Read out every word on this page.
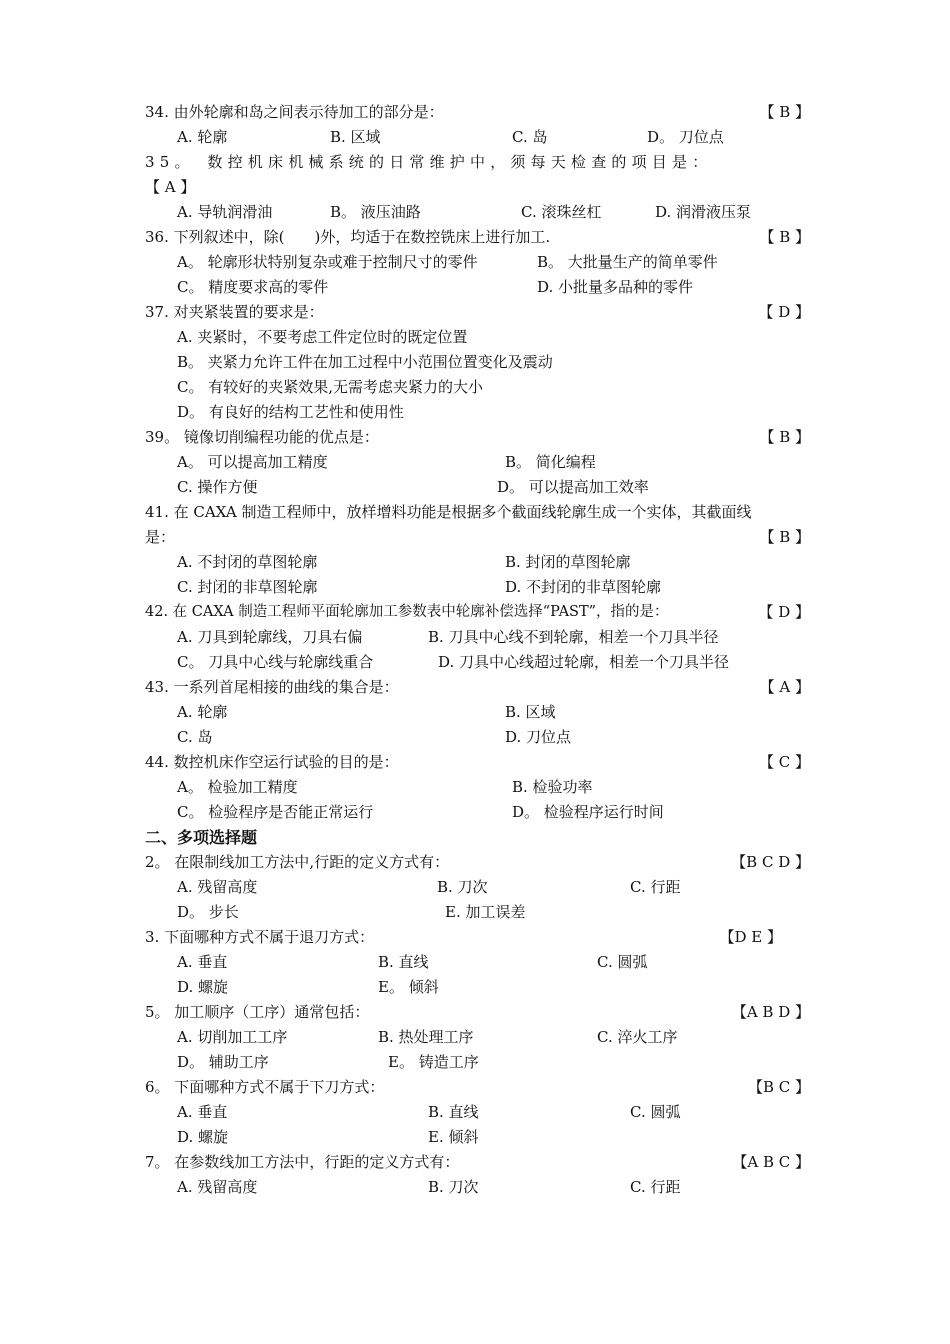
34. 由外轮廓和岛之间表示待加工的部分是：	【 B 】
A. 轮廓	B. 区域	C. 岛	D。 刀位点
35。　数控机床机械系统的日常维护中，须每天检查的项目是：
【 A 】
A. 导轨润滑油	B。 液压油路	C. 滚珠丝杠	D. 润滑液压泵
36. 下列叙述中，除(　　)外，均适于在数控铣床上进行加工.	【 B 】
A。 轮廓形状特别复杂或难于控制尺寸的零件	B。 大批量生产的简单零件
C。 精度要求高的零件	D. 小批量多品种的零件
37. 对夹紧装置的要求是：	【 D 】
A. 夹紧时，不要考虑工件定位时的既定位置
B。 夹紧力允许工件在加工过程中小范围位置变化及震动
C。 有较好的夹紧效果,无需考虑夹紧力的大小
D。 有良好的结构工艺性和使用性
39。 镜像切削编程功能的优点是：	【 B 】
A。 可以提高加工精度	B。 简化编程
C. 操作方便	D。 可以提高加工效率
41. 在 CAXA 制造工程师中，放样增料功能是根据多个截面线轮廓生成一个实体，其截面线
是：	【 B 】
A. 不封闭的草图轮廓	B. 封闭的草图轮廓
C. 封闭的非草图轮廓	D. 不封闭的非草图轮廓
42. 在 CAXA 制造工程师平面轮廓加工参数表中轮廓补偿选择“PAST”，指的是：	【 D 】
A. 刀具到轮廓线，刀具右偏	B. 刀具中心线不到轮廓，相差一个刀具半径
C。 刀具中心线与轮廓线重合	D. 刀具中心线超过轮廓，相差一个刀具半径
43. 一系列首尾相接的曲线的集合是：	【 A 】
A. 轮廓	B. 区域
C. 岛	D. 刀位点
44. 数控机床作空运行试验的目的是：	【 C 】
A。 检验加工精度	B. 检验功率
C。 检验程序是否能正常运行	D。 检验程序运行时间
二、多项选择题
2。 在限制线加工方法中,行距的定义方式有：	【B C D 】
A. 残留高度	B. 刀次	C. 行距
D。 步长	E. 加工误差
3. 下面哪种方式不属于退刀方式：	【D E 】
A. 垂直	B. 直线	C. 圆弧
D. 螺旋	E。 倾斜
5。 加工顺序（工序）通常包括：	【A B D 】
A. 切削加工工序	B. 热处理工序	C. 淬火工序
D。 辅助工序	E。 铸造工序
6。 下面哪种方式不属于下刀方式：	【B C 】
A. 垂直	B. 直线	C. 圆弧
D. 螺旋	E. 倾斜
7。 在参数线加工方法中，行距的定义方式有：	【A B C 】
A. 残留高度	B. 刀次	C. 行距
